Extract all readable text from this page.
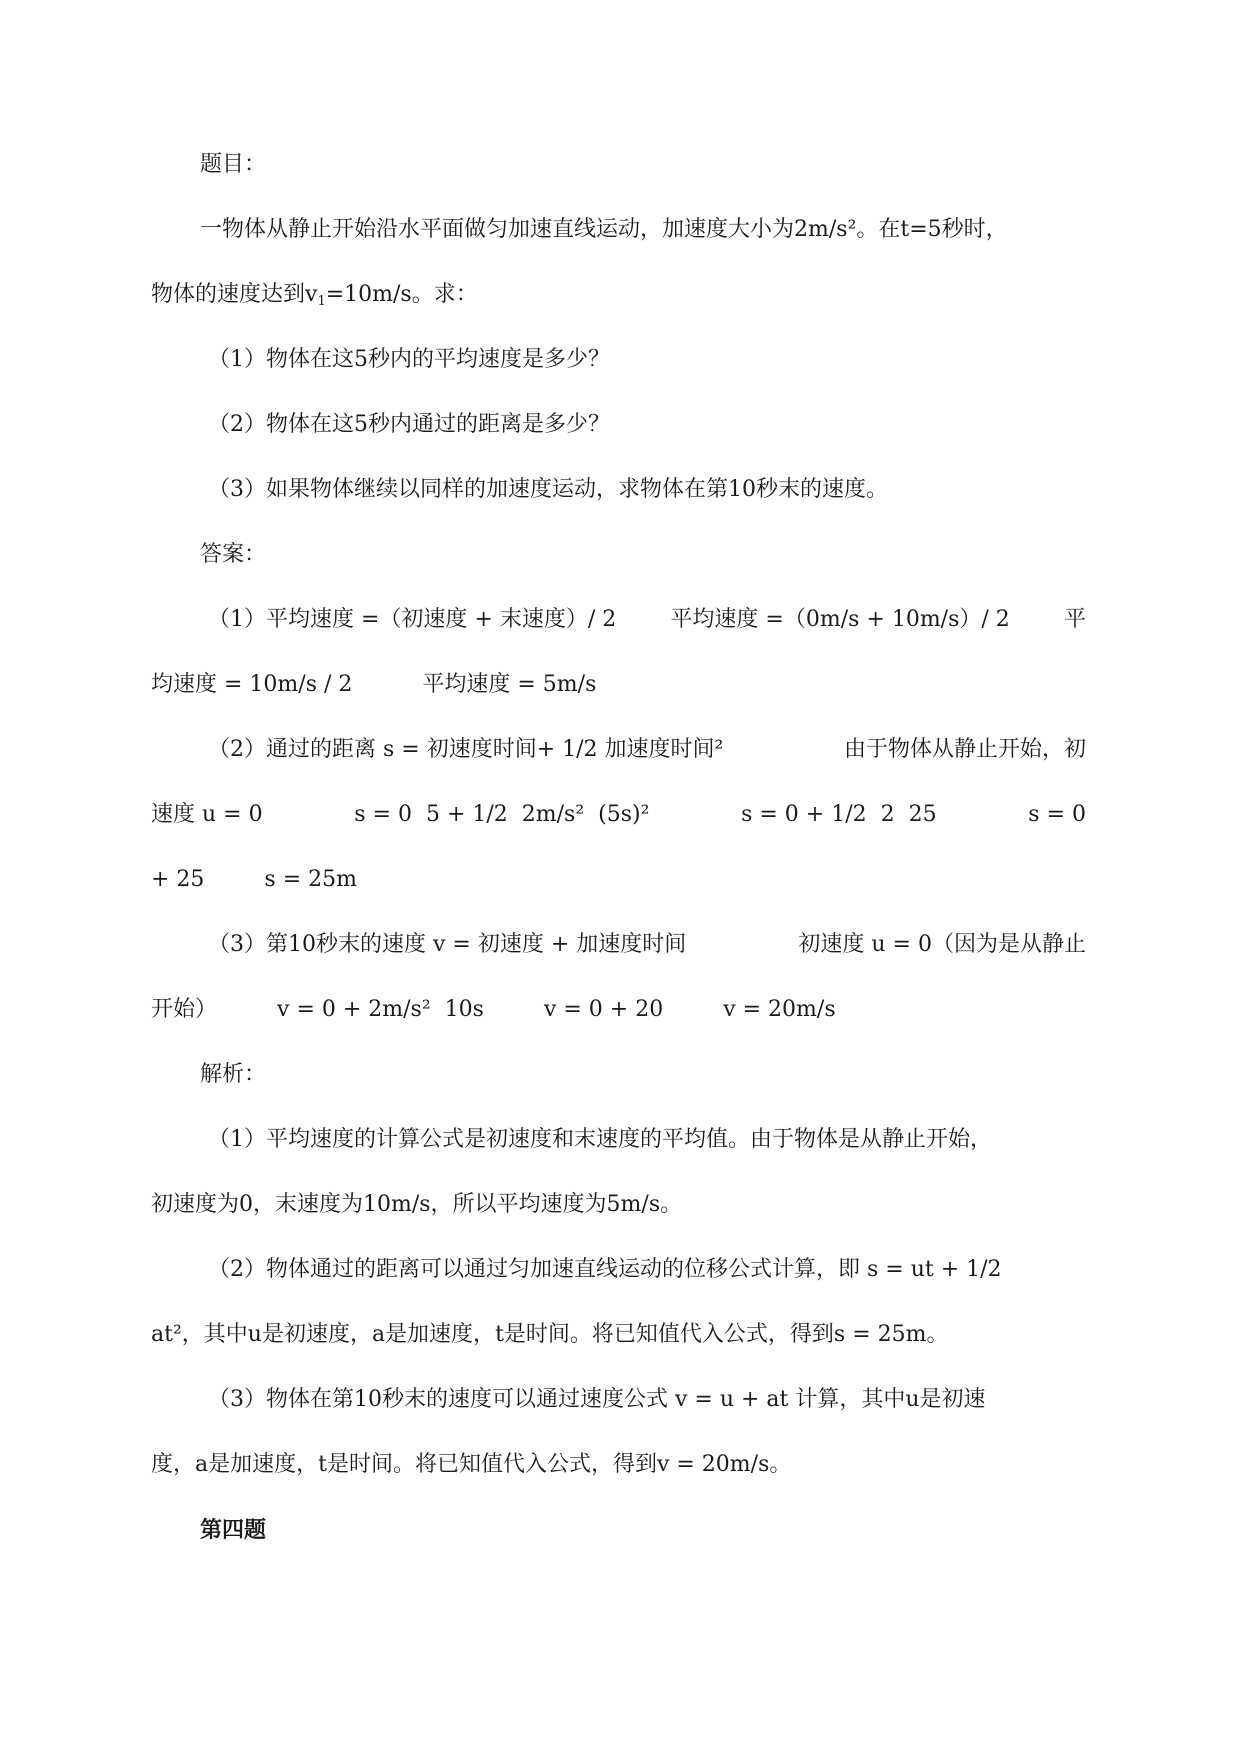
题目：
一物体从静止开始沿水平面做匀加速直线运动，加速度大小为2m/s²。在t=5秒时，
物体的速度达到$v_1=10m/s$。求：
（1）物体在这5秒内的平均速度是多少？
（2）物体在这5秒内通过的距离是多少？
（3）如果物体继续以同样的加速度运动，求物体在第10秒末的速度。
答案：
（1）平均速度 =（初速度 + 末速度）/ 2 平均速度 =（0m/s + 10m/s）/ 2 平
均速度 = 10m/s / 2	平均速度 = 5m/s
（2）通过的距离 s = 初速度时间+ 1/2 加速度时间²	由于物体从静止开始，初
速度 u = 0	s = 0  5 + 1/2  2m/s²  (5s)²	s = 0 + 1/2  2  25	s = 0
+ 25	s = 25m
（3）第10秒末的速度 v = 初速度 + 加速度时间	初速度 u = 0（因为是从静止
开始）	v = 0 + 2m/s²  10s	v = 0 + 20	v = 20m/s
解析：
（1）平均速度的计算公式是初速度和末速度的平均值。由于物体是从静止开始，
初速度为0，末速度为10m/s，所以平均速度为5m/s。
（2）物体通过的距离可以通过匀加速直线运动的位移公式计算，即 s = ut + 1/2
at²，其中u是初速度，a是加速度，t是时间。将已知值代入公式，得到s = 25m。
（3）物体在第10秒末的速度可以通过速度公式 v = u + at 计算，其中u是初速
度，a是加速度，t是时间。将已知值代入公式，得到v = 20m/s。
第四题
